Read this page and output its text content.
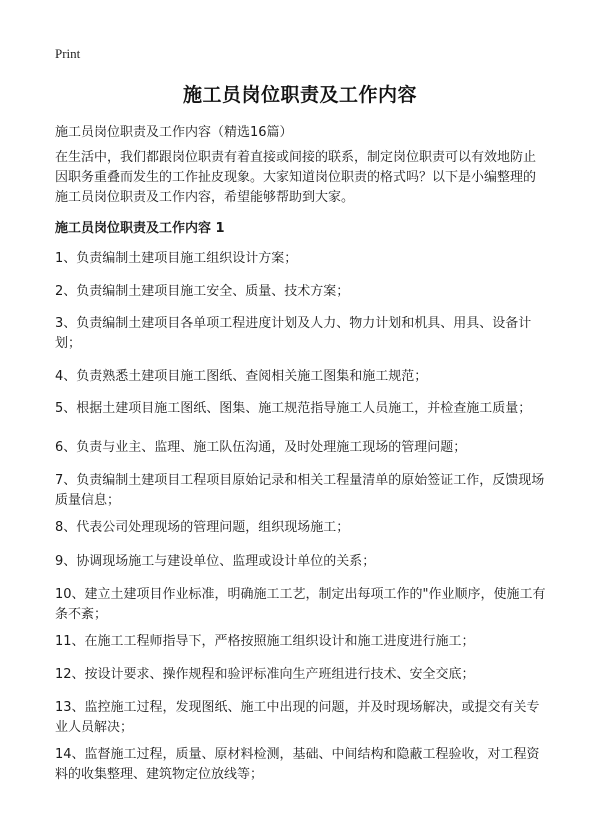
Print
施工员岗位职责及工作内容

施工员岗位职责及工作内容（精选16篇）

在生活中，我们都跟岗位职责有着直接或间接的联系，制定岗位职责可以有效地防止因职务重叠而发生的工作扯皮现象。大家知道岗位职责的格式吗？以下是小编整理的施工员岗位职责及工作内容，希望能够帮助到大家。

施工员岗位职责及工作内容 1

1、负责编制土建项目施工组织设计方案；

2、负责编制土建项目施工安全、质量、技术方案；

3、负责编制土建项目各单项工程进度计划及人力、物力计划和机具、用具、设备计划；

4、负责熟悉土建项目施工图纸、查阅相关施工图集和施工规范；

5、根据土建项目施工图纸、图集、施工规范指导施工人员施工，并检查施工质量；

6、负责与业主、监理、施工队伍沟通，及时处理施工现场的管理问题；

7、负责编制土建项目工程项目原始记录和相关工程量清单的原始签证工作，反馈现场质量信息；

8、代表公司处理现场的管理问题，组织现场施工；

9、协调现场施工与建设单位、监理或设计单位的关系；

10、建立土建项目作业标准，明确施工工艺，制定出每项工作的"作业顺序，使施工有条不紊；

11、在施工工程师指导下，严格按照施工组织设计和施工进度进行施工；

12、按设计要求、操作规程和验评标准向生产班组进行技术、安全交底；

13、监控施工过程，发现图纸、施工中出现的问题，并及时现场解决，或提交有关专业人员解决；

14、监督施工过程，质量、原材料检测，基础、中间结构和隐蔽工程验收，对工程资料的收集整理、建筑物定位放线等；
